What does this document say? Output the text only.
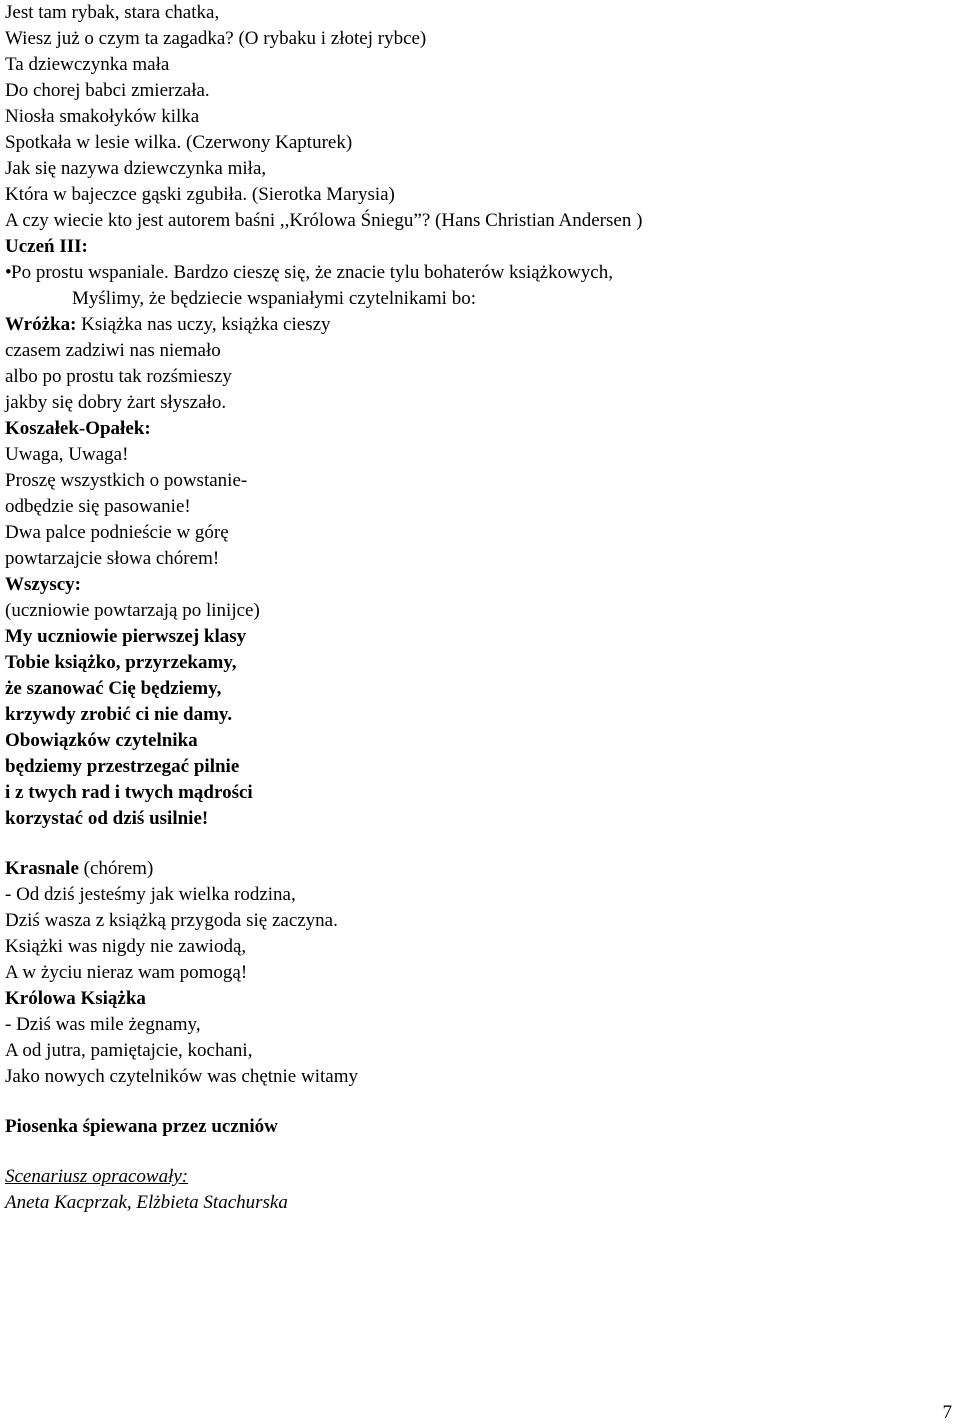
Jest tam rybak, stara chatka,
Wiesz już o czym ta zagadka? (O rybaku i złotej rybce)
Ta dziewczynka mała
Do chorej babci zmierzała.
Niosła smakołyków kilka
Spotkała w lesie wilka. (Czerwony Kapturek)
Jak się nazywa dziewczynka miła,
Która w bajeczce gąski zgubiła. (Sierotka Marysia)
A czy wiecie kto jest autorem baśni ,,Królowa Śniegu”? (Hans Christian Andersen )
Uczeń III:
•Po prostu wspaniale. Bardzo cieszę się, że znacie tylu bohaterów książkowych,
Myślimy, że będziecie wspaniałymi czytelnikami bo:
Wróżka: Książka nas uczy, książka cieszy
czasem zadziwi nas niemało
albo po prostu tak rozśmieszy
jakby się dobry żart słyszało.
Koszałek-Opałek:
Uwaga, Uwaga!
Proszę wszystkich o powstanie-
odbędzie się pasowanie!
Dwa palce podnieście w górę
powtarzajcie słowa chórem!
Wszyscy:
(uczniowie powtarzają po linijce)
My uczniowie pierwszej klasy
Tobie książko, przyrzekamy,
że szanować Cię będziemy,
krzywdy zrobić ci nie damy.
Obowiązków czytelnika
będziemy przestrzegać pilnie
i z twych rad i twych mądrości
korzystać od dziś usilnie!
Krasnale (chórem)
- Od dziś jesteśmy jak wielka rodzina,
Dziś wasza z książką przygoda się zaczyna.
Książki was nigdy nie zawiodą,
A w życiu nieraz wam pomogą!
Królowa Książka
- Dziś was mile żegnamy,
A od jutra, pamiętajcie, kochani,
Jako nowych czytelników was chętnie witamy
Piosenka śpiewana przez uczniów
Scenariusz opracowały:
Aneta Kacprzak, Elżbieta Stachurska
7
